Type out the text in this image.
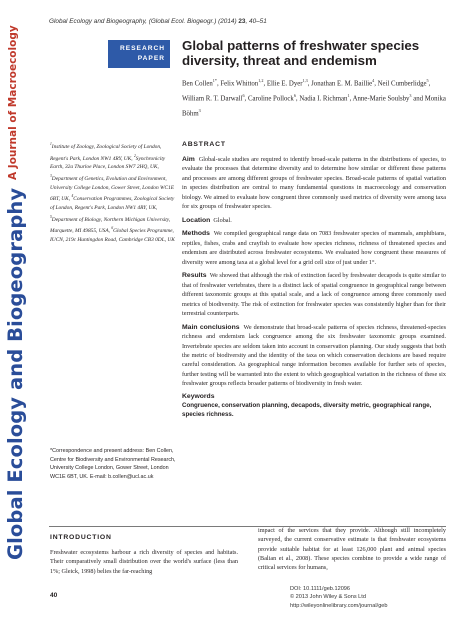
Global Ecology and Biogeography
A Journal of Macroecology
Global Ecology and Biogeography, (Global Ecol. Biogeogr.) (2014) 23, 40–51
RESEARCH
PAPER
Global patterns of freshwater species diversity, threat and endemism
Ben Collen$^{1*}$, Felix Whitton$^{1,2}$, Ellie E. Dyer$^{1,3}$, Jonathan E. M. Baillie$^4$, Neil Cumberlidge$^5$, William R. T. Darwall$^6$, Caroline Pollock$^6$, Nadia I. Richman$^1$, Anne-Marie Soulsby$^3$ and Monika Böhm$^3$
$^1$Institute of Zoology, Zoological Society of London, Regent's Park, London NW1 4RY, UK, $^2$Synchronicity Earth, 32a Thurloe Place, London SW7 2HQ, UK, $^3$Department of Genetics, Evolution and Environment, University College London, Gower Street, London WC1E 6BT, UK, $^4$Conservation Programmes, Zoological Society of London, Regent's Park, London NW1 4RY, UK, $^5$Department of Biology, Northern Michigan University, Marquette, MI 49855, USA, $^6$Global Species Programme, IUCN, 219c Huntingdon Road, Cambridge CB3 0DL, UK
*Correspondence and present address: Ben Collen, Centre for Biodiversity and Environmental Research, University College London, Gower Street, London WC1E 6BT, UK. E-mail: b.collen@ucl.ac.uk
ABSTRACT

Aim Global-scale studies are required to identify broad-scale patterns in the distributions of species, to evaluate the processes that determine diversity and to determine how similar or different these patterns and processes are among different groups of freshwater species. Broad-scale patterns of spatial variation in species distribution are central to many fundamental questions in macroecology and conservation biology. We aimed to evaluate how congruent three commonly used metrics of diversity were among taxa for six groups of freshwater species.

Location Global.

Methods We compiled geographical range data on 7083 freshwater species of mammals, amphibians, reptiles, fishes, crabs and crayfish to evaluate how species richness, richness of threatened species and endemism are distributed across freshwater ecosystems. We evaluated how congruent these measures of diversity were among taxa at a global level for a grid cell size of just under 1°.

Results We showed that although the risk of extinction faced by freshwater decapods is quite similar to that of freshwater vertebrates, there is a distinct lack of spatial congruence in geographical range between different taxonomic groups at this spatial scale, and a lack of congruence among three commonly used metrics of biodiversity. The risk of extinction for freshwater species was consistently higher than for their terrestrial counterparts.

Main conclusions We demonstrate that broad-scale patterns of species richness, threatened-species richness and endemism lack congruence among the six freshwater taxonomic groups examined. Invertebrate species are seldom taken into account in conservation planning. Our study suggests that both the metric of biodiversity and the identity of the taxa on which conservation decisions are based require careful consideration. As geographical range information becomes available for further sets of species, further testing will be warranted into the extent to which geographical variation in the richness of these six freshwater groups reflects broader patterns of biodiversity in fresh water.

Keywords
Congruence, conservation planning, decapods, diversity metric, geographical range, species richness.
INTRODUCTION
Freshwater ecosystems harbour a rich diversity of species and habitats. Their comparatively small distribution over the world's surface (less than 1%; Gleick, 1998) belies the far-reaching
impact of the services that they provide. Although still incompletely surveyed, the current conservative estimate is that freshwater ecosystems provide suitable habitat for at least 126,000 plant and animal species (Balian et al., 2008). These species combine to provide a wide range of critical services for humans,
40
DOI: 10.1111/geb.12096
© 2013 John Wiley & Sons Ltd http://wileyonlinelibrary.com/journal/geb
